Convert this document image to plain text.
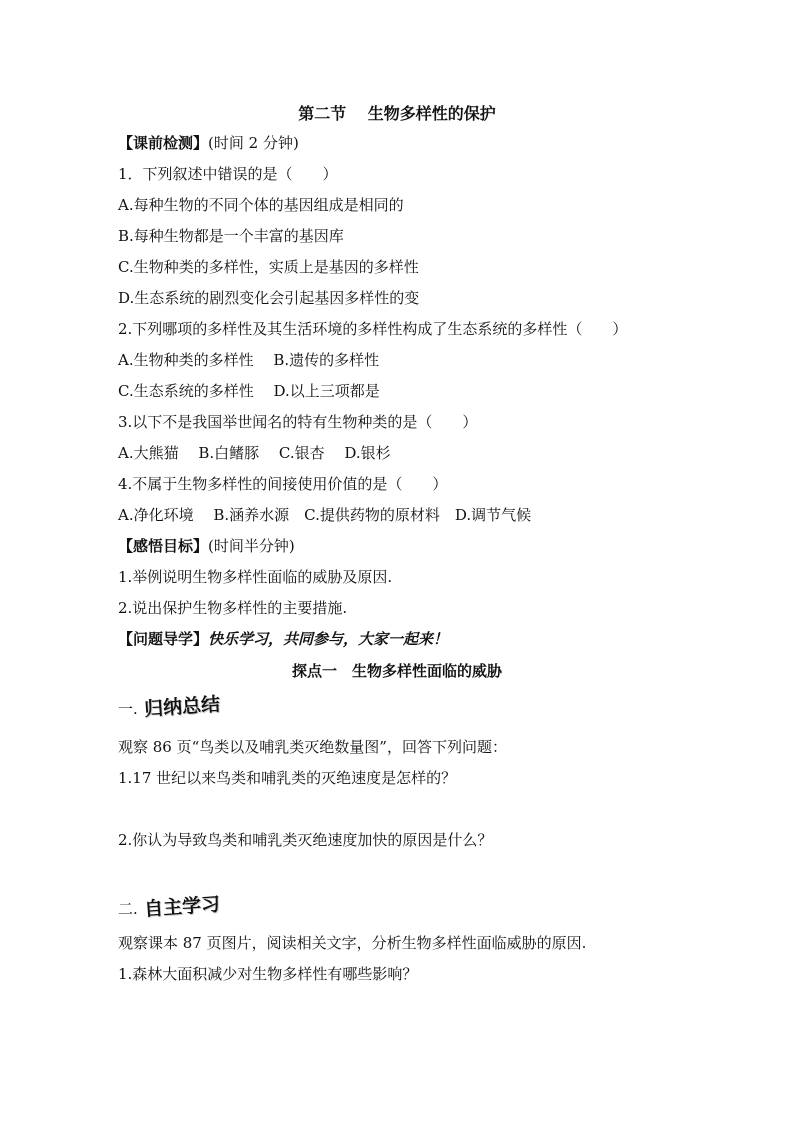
第二节　 生物多样性的保护
【课前检测】(时间 2 分钟)
1．下列叙述中错误的是（　　）
A.每种生物的不同个体的基因组成是相同的
B.每种生物都是一个丰富的基因库
C.生物种类的多样性，实质上是基因的多样性
D.生态系统的剧烈变化会引起基因多样性的变
2.下列哪项的多样性及其生活环境的多样性构成了生态系统的多样性（　　）
A.生物种类的多样性　 B.遗传的多样性
C.生态系统的多样性　 D.以上三项都是
3.以下不是我国举世闻名的特有生物种类的是（　　）
A.大熊猫　 B.白鳍豚　 C.银杏　 D.银杉
4.不属于生物多样性的间接使用价值的是（　　）
A.净化环境　 B.涵养水源　C.提供药物的原材料　D.调节气候
【感悟目标】(时间半分钟)
1.举例说明生物多样性面临的威胁及原因.
2.说出保护生物多样性的主要措施.
【问题导学】快乐学习，共同参与，大家一起来！
探点一　生物多样性面临的威胁
一. 归纳总结
观察 86 页“鸟类以及哺乳类灭绝数量图”，回答下列问题：
1.17 世纪以来鸟类和哺乳类的灭绝速度是怎样的？
2.你认为导致鸟类和哺乳类灭绝速度加快的原因是什么？
二. 自主学习
观察课本 87 页图片，阅读相关文字，分析生物多样性面临威胁的原因.
1.森林大面积减少对生物多样性有哪些影响？
